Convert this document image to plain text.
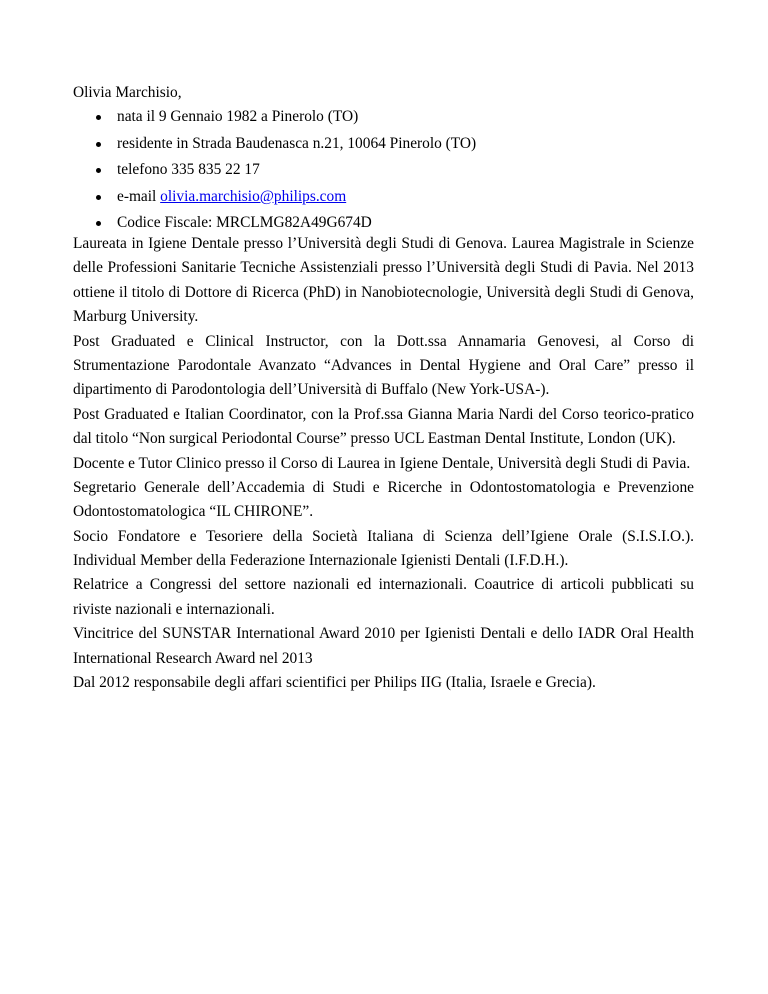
Olivia Marchisio,
nata il 9 Gennaio 1982 a Pinerolo (TO)
residente in Strada Baudenasca n.21, 10064 Pinerolo (TO)
telefono 335 835 22 17
e-mail olivia.marchisio@philips.com
Codice Fiscale: MRCLMG82A49G674D
Laureata in Igiene Dentale presso l’Università degli Studi di Genova. Laurea Magistrale in Scienze
delle Professioni Sanitarie Tecniche Assistenziali presso l’Università degli Studi di Pavia. Nel 2013
ottiene il titolo di Dottore di Ricerca (PhD) in Nanobiotecnologie, Università degli Studi di Genova,
Marburg University.
Post Graduated e Clinical Instructor, con la Dott.ssa Annamaria Genovesi, al Corso di
Strumentazione Parodontale Avanzato “Advances in Dental Hygiene and Oral Care” presso il
dipartimento di Parodontologia dell’Università di Buffalo (New York-USA-).
Post Graduated e Italian Coordinator, con la Prof.ssa Gianna Maria Nardi del Corso teorico-pratico
dal titolo “Non surgical Periodontal Course” presso UCL Eastman Dental Institute, London (UK).
Docente e Tutor Clinico presso il Corso di Laurea in Igiene Dentale, Università degli Studi di Pavia.
Segretario Generale dell’Accademia di Studi e Ricerche in Odontostomatologia e Prevenzione
Odontostomatologica “IL CHIRONE”.
Socio Fondatore e Tesoriere della Società Italiana di Scienza dell’Igiene Orale (S.I.S.I.O.).
Individual Member della Federazione Internazionale Igienisti Dentali (I.F.D.H.).
Relatrice a Congressi del settore nazionali ed internazionali. Coautrice di articoli pubblicati su
riviste nazionali e internazionali.
Vincitrice del SUNSTAR International Award 2010 per Igienisti Dentali e dello IADR Oral Health
International Research Award nel 2013
Dal 2012 responsabile degli affari scientifici per Philips IIG (Italia, Israele e Grecia).
